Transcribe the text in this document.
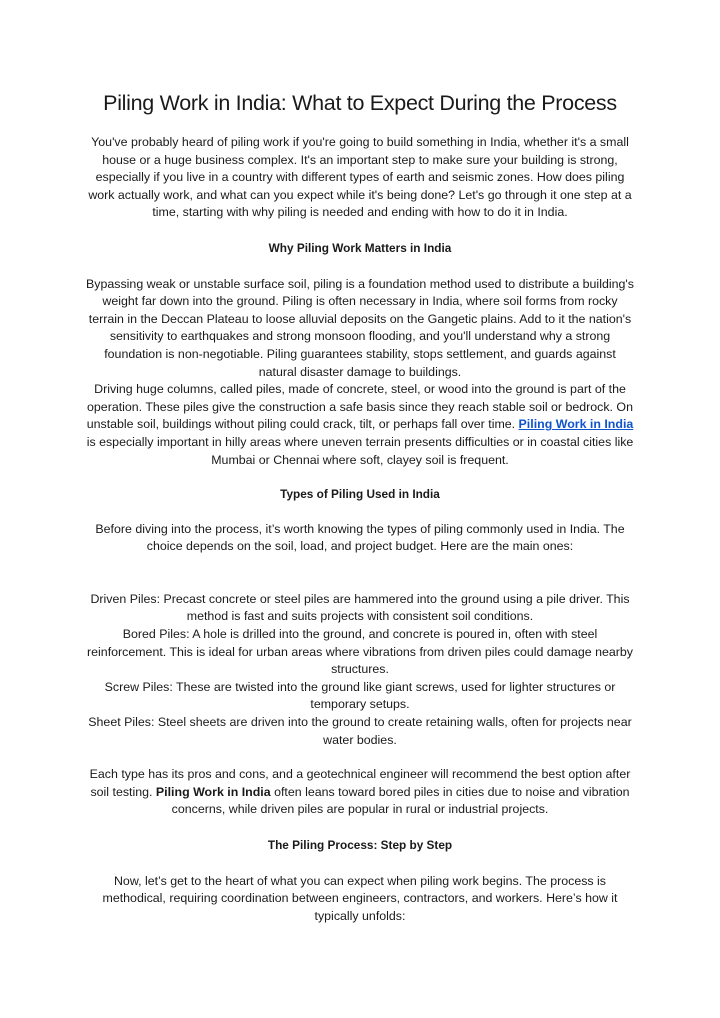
Piling Work in India: What to Expect During the Process

You've probably heard of piling work if you're going to build something in India, whether it's a small house or a huge business complex. It's an important step to make sure your building is strong, especially if you live in a country with different types of earth and seismic zones. How does piling work actually work, and what can you expect while it's being done? Let's go through it one step at a time, starting with why piling is needed and ending with how to do it in India.

Why Piling Work Matters in India

Bypassing weak or unstable surface soil, piling is a foundation method used to distribute a building's weight far down into the ground. Piling is often necessary in India, where soil forms from rocky terrain in the Deccan Plateau to loose alluvial deposits on the Gangetic plains. Add to it the nation's sensitivity to earthquakes and strong monsoon flooding, and you'll understand why a strong foundation is non-negotiable. Piling guarantees stability, stops settlement, and guards against natural disaster damage to buildings.

Driving huge columns, called piles, made of concrete, steel, or wood into the ground is part of the operation. These piles give the construction a safe basis since they reach stable soil or bedrock. On unstable soil, buildings without piling could crack, tilt, or perhaps fall over time. Piling Work in India is especially important in hilly areas where uneven terrain presents difficulties or in coastal cities like Mumbai or Chennai where soft, clayey soil is frequent.

Types of Piling Used in India

Before diving into the process, it’s worth knowing the types of piling commonly used in India. The choice depends on the soil, load, and project budget. Here are the main ones:

Driven Piles: Precast concrete or steel piles are hammered into the ground using a pile driver. This method is fast and suits projects with consistent soil conditions.

Bored Piles: A hole is drilled into the ground, and concrete is poured in, often with steel reinforcement. This is ideal for urban areas where vibrations from driven piles could damage nearby structures.

Screw Piles: These are twisted into the ground like giant screws, used for lighter structures or temporary setups.

Sheet Piles: Steel sheets are driven into the ground to create retaining walls, often for projects near water bodies.

Each type has its pros and cons, and a geotechnical engineer will recommend the best option after soil testing. Piling Work in India often leans toward bored piles in cities due to noise and vibration concerns, while driven piles are popular in rural or industrial projects.

The Piling Process: Step by Step

Now, let’s get to the heart of what you can expect when piling work begins. The process is methodical, requiring coordination between engineers, contractors, and workers. Here’s how it typically unfolds:
